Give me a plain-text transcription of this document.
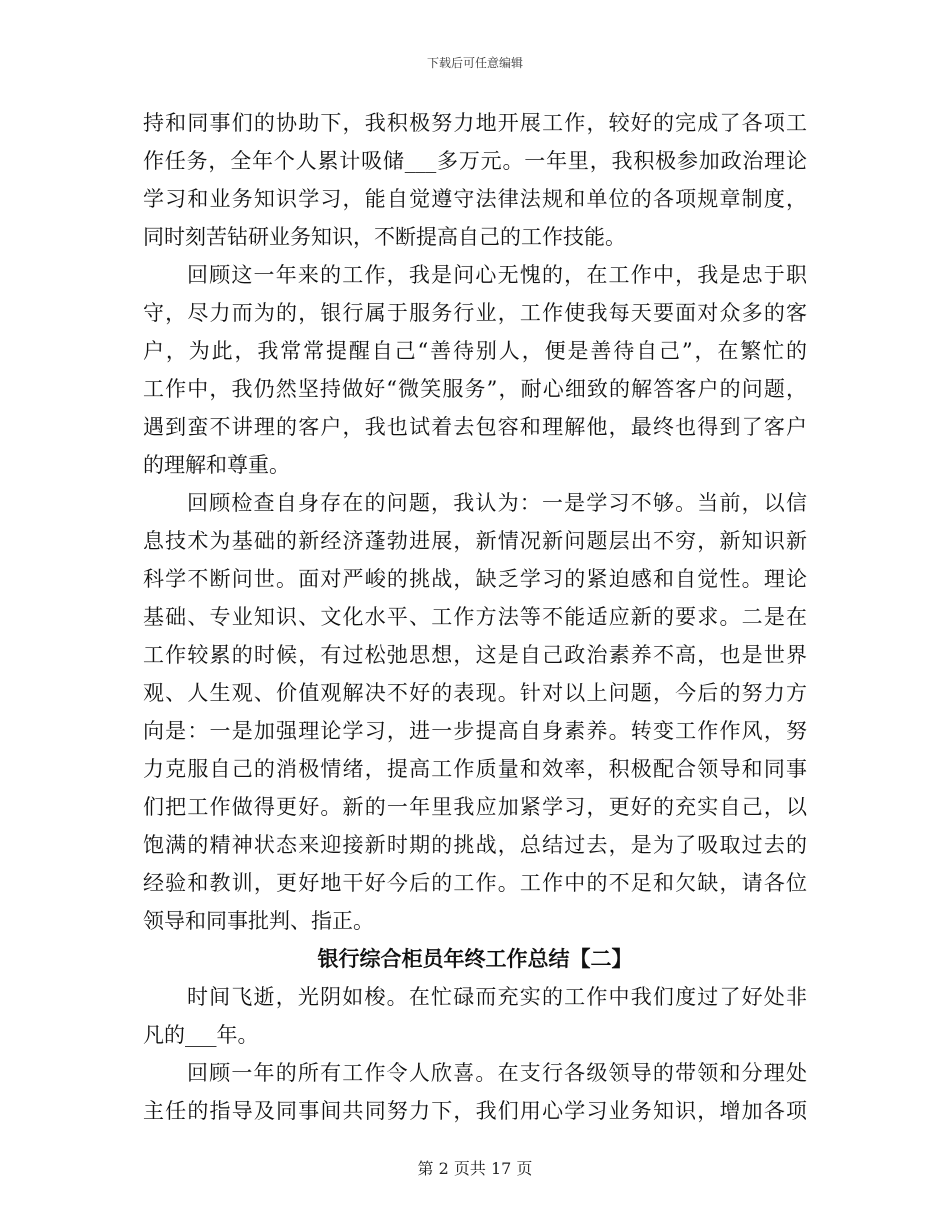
下载后可任意编辑
持和同事们的协助下，我积极努力地开展工作，较好的完成了各项工
作任务，全年个人累计吸储___多万元。一年里，我积极参加政治理论
学习和业务知识学习，能自觉遵守法律法规和单位的各项规章制度，
同时刻苦钻研业务知识，不断提高自己的工作技能。
回顾这一年来的工作，我是问心无愧的，在工作中，我是忠于职
守，尽力而为的，银行属于服务行业，工作使我每天要面对众多的客
户，为此，我常常提醒自己“善待别人，便是善待自己”，在繁忙的
工作中，我仍然坚持做好“微笑服务”，耐心细致的解答客户的问题，
遇到蛮不讲理的客户，我也试着去包容和理解他，最终也得到了客户
的理解和尊重。
回顾检查自身存在的问题，我认为：一是学习不够。当前，以信
息技术为基础的新经济蓬勃进展，新情况新问题层出不穷，新知识新
科学不断问世。面对严峻的挑战，缺乏学习的紧迫感和自觉性。理论
基础、专业知识、文化水平、工作方法等不能适应新的要求。二是在
工作较累的时候，有过松弛思想，这是自己政治素养不高，也是世界
观、人生观、价值观解决不好的表现。针对以上问题，今后的努力方
向是：一是加强理论学习，进一步提高自身素养。转变工作作风，努
力克服自己的消极情绪，提高工作质量和效率，积极配合领导和同事
们把工作做得更好。新的一年里我应加紧学习，更好的充实自己，以
饱满的精神状态来迎接新时期的挑战，总结过去，是为了吸取过去的
经验和教训，更好地干好今后的工作。工作中的不足和欠缺，请各位
领导和同事批判、指正。
银行综合柜员年终工作总结【二】
时间飞逝，光阴如梭。在忙碌而充实的工作中我们度过了好处非
凡的___年。
回顾一年的所有工作令人欣喜。在支行各级领导的带领和分理处
主任的指导及同事间共同努力下，我们用心学习业务知识，增加各项
第 2 页共 17 页
